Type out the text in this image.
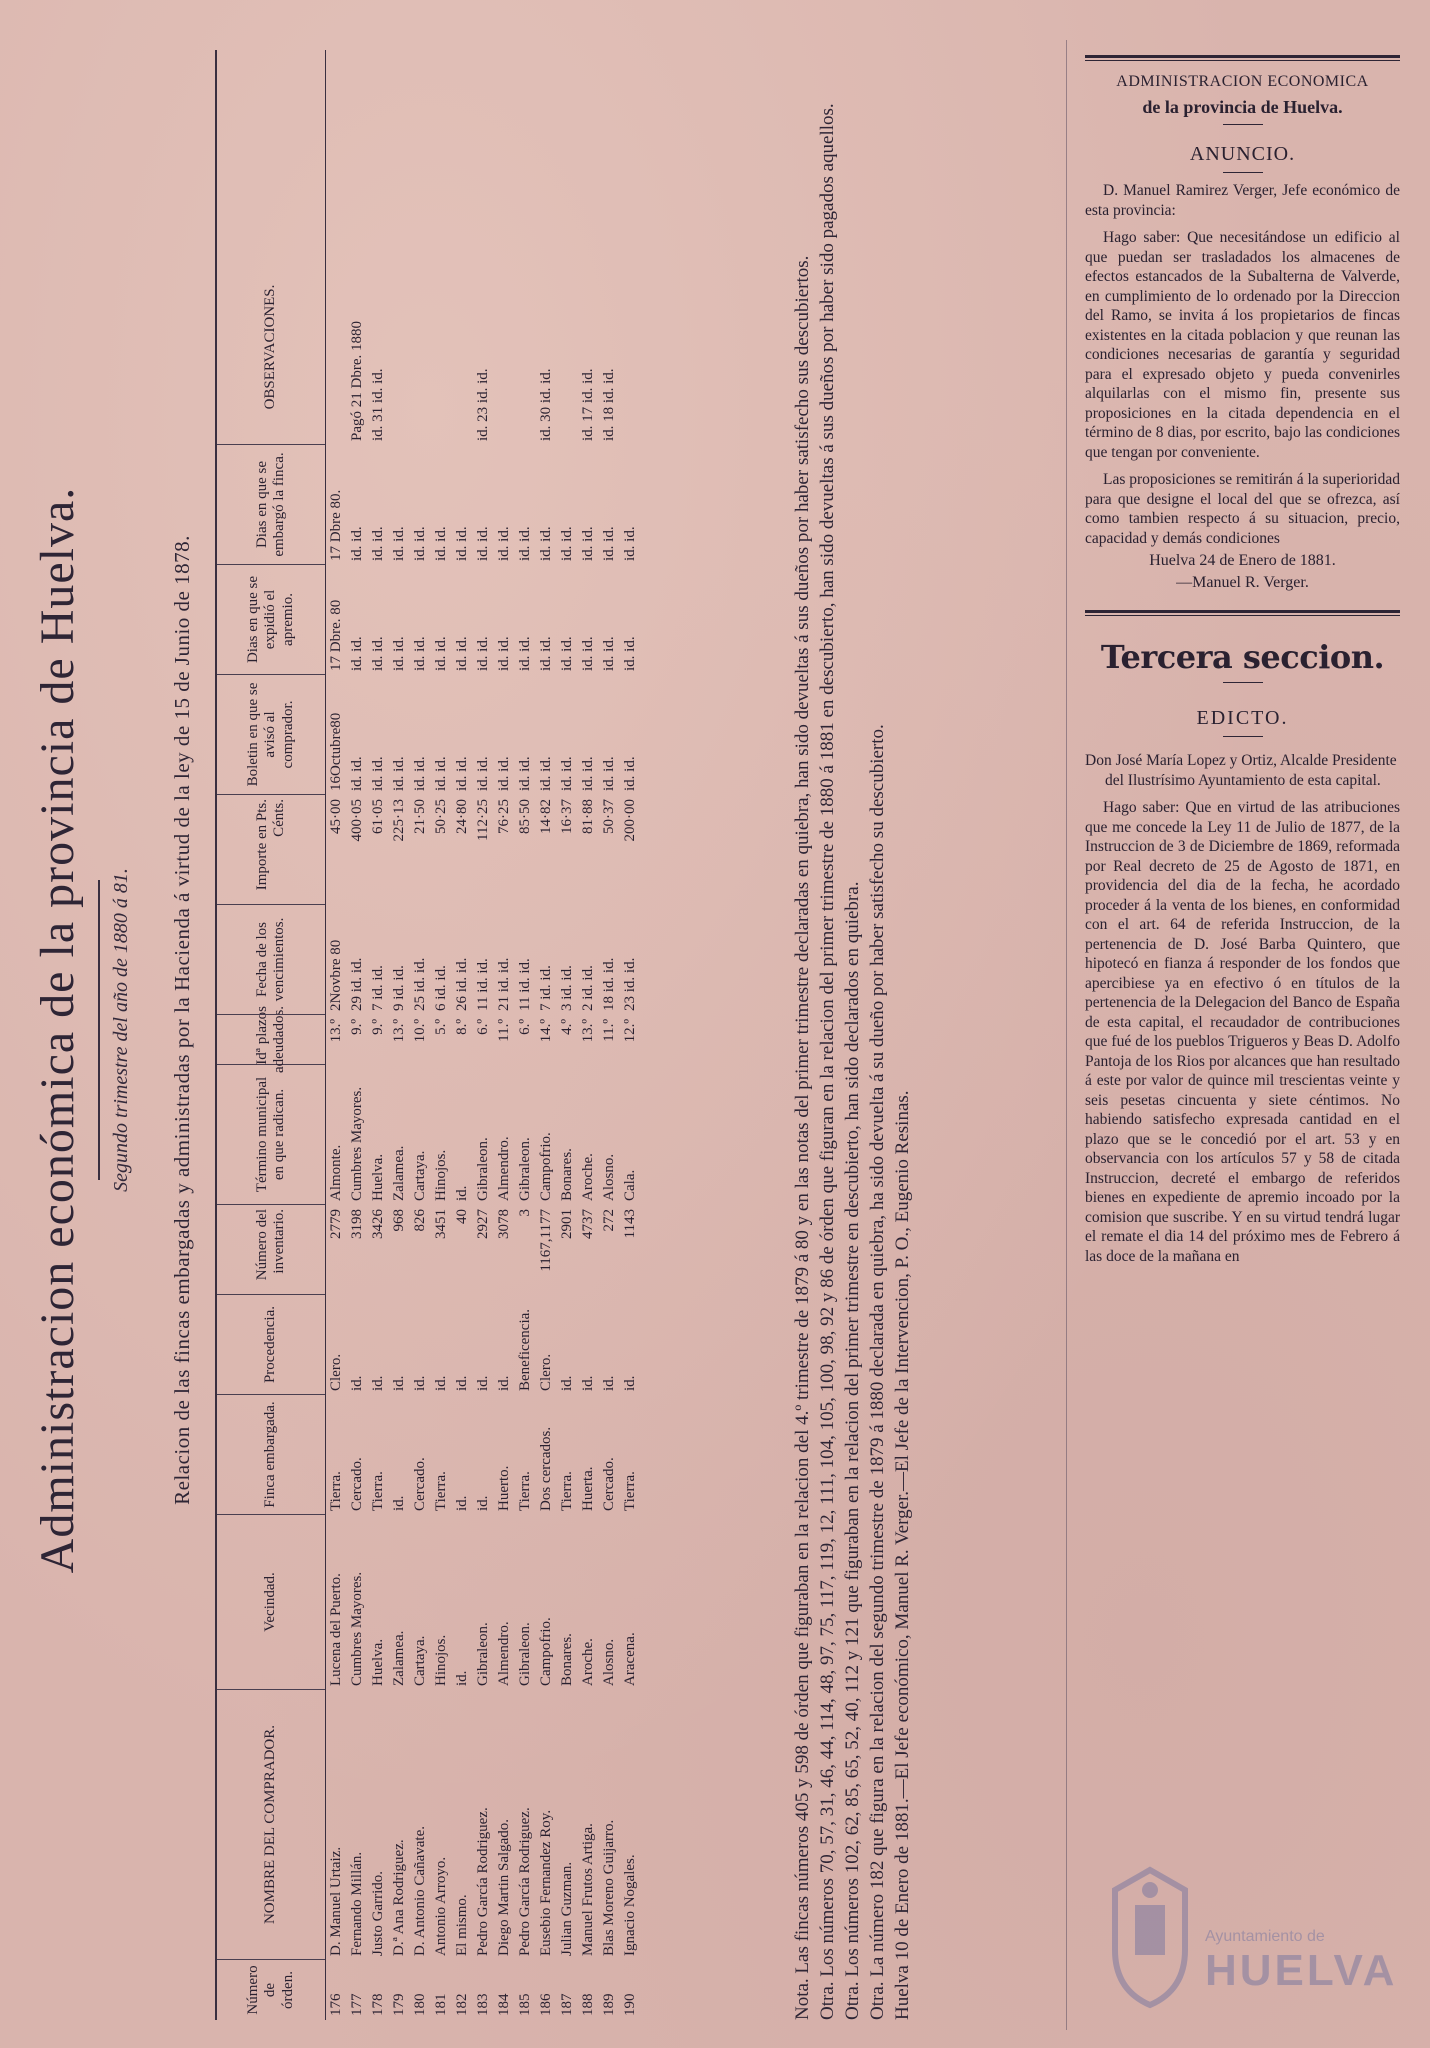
Administracion económica de la provincia de Huelva. Segundo trimestre del año de 1880 á 81. Relacion de las fincas embargadas y administradas por la Hacienda á virtud de la ley de 15 de Junio de 1878.
Número de órden.
NOMBRE DEL COMPRADOR.
Vecindad.
Finca embargada.
Procedencia.
Número del inventario.
Término municipal en que radican.
Idª plazos adeudados.
Fecha de los vencimientos.
Importe en Pts. Cénts.
Boletin en que se avisó al comprador.
Dias en que se expidió el apremio.
Dias en que se embargó la finca.
OBSERVACIONES.
176
D. Manuel Urtaiz.
Lucena del Puerto.
Tierra.
Clero.
2779
Almonte.
13.º
2Novbre 80
45·00
16Octubre80
17 Dbre. 80
17 Dbre 80.
177
Fernando Millán.
Cumbres Mayores.
Cercado.
id.
3198
Cumbres Mayores.
9.º
29 id. id.
400·05
id. id.
id. id.
id. id.
Pagó 21 Dbre. 1880
178
Justo Garrido.
Huelva.
Tierra.
id.
3426
Huelva.
9.º
7 id. id.
61·05
id. id.
id. id.
id. id.
id. 31 id. id.
179
D.ª Ana Rodriguez.
Zalamea.
id.
id.
968
Zalamea.
13.º
9 id. id.
225·13
id. id.
id. id.
id. id.
180
D. Antonio Cañavate.
Cartaya.
Cercado.
id.
826
Cartaya.
10.º
25 id. id.
21·50
id. id.
id. id.
id. id.
181
Antonio Arroyo.
Hinojos.
Tierra.
id.
3451
Hinojos.
5.º
6 id. id.
50·25
id. id.
id. id.
id. id.
182
El mismo.
id.
id.
id.
40
id.
8.º
26 id. id.
24·80
id. id.
id. id.
id. id.
183
Pedro García Rodriguez.
Gibraleon.
id.
id.
2927
Gibraleon.
6.º
11 id. id.
112·25
id. id.
id. id.
id. id.
id. 23 id. id.
184
Diego Martin Salgado.
Almendro.
Huerto.
id.
3078
Almendro.
11.º
21 id. id.
76·25
id. id.
id. id.
id. id.
185
Pedro García Rodriguez.
Gibraleon.
Tierra.
Beneficencia.
3
Gibraleon.
6.º
11 id. id.
85·50
id. id.
id. id.
id. id.
186
Eusebio Fernandez Roy.
Campofrio.
Dos cercados.
Clero.
1167,1177
Campofrio.
14.º
7 id. id.
14·82
id. id.
id. id.
id. id.
id. 30 id. id.
187
Julian Guzman.
Bonares.
Tierra.
id.
2901
Bonares.
4.º
3 id. id.
16·37
id. id.
id. id.
id. id.
188
Manuel Frutos Artiga.
Aroche.
Huerta.
id.
4737
Aroche.
13.º
2 id. id.
81·88
id. id.
id. id.
id. id.
id. 17 id. id.
189
Blas Moreno Guijarro.
Alosno.
Cercado.
id.
272
Alosno.
11.º
18 id. id.
50·37
id. id.
id. id.
id. id.
id. 18 id. id.
190
Ignacio Nogales.
Aracena.
Tierra.
id.
1143
Cala.
12.º
23 id. id.
200·00
id. id.
id. id.
id. id.	Nota. Las fincas números 405 y 598 de órden que figuraban en la relacion del 4.º trimestre de 1879 á 80 y en las notas del primer trimestre declaradas en quiebra, han sido devueltas á sus dueños por haber satisfecho sus descubiertos. Otra. Los números 70, 57, 31, 46, 44, 114, 48, 97, 75, 117, 119, 12, 111, 104, 105, 100, 98, 92 y 86 de órden que figuran en la relacion del primer trimestre de 1880 á 1881 en descubierto, han sido devueltas á sus dueños por haber sido pagados aquellos. Otra. Los números 102, 62, 85, 65, 52, 40, 112 y 121 que figuraban en la relacion del primer trimestre en descubierto, han sido declarados en quiebra. Otra. La número 182 que figura en la relacion del segundo trimestre de 1879 á 1880 declarada en quiebra, ha sido devuelta á su dueño por haber satisfecho su descubierto. Huelva 10 de Enero de 1881.—El Jefe económico, Manuel R. Verger.—El Jefe de la Intervencion, P. O., Eugenio Resinas.

ADMINISTRACION ECONOMICA
de la provincia de Huelva.
ANUNCIO.

D. Manuel Ramirez Verger, Jefe económico de esta provincia:

Hago saber: Que necesitándose un edificio al que puedan ser trasladados los almacenes de efectos estancados de la Subalterna de Valverde, en cumplimiento de lo ordenado por la Direccion del Ramo, se invita á los propietarios de fincas existentes en la citada poblacion y que reunan las condiciones necesarias de garantía y seguridad para el expresado objeto y pueda convenirles alquilarlas con el mismo fin, presente sus proposiciones en la citada dependencia en el término de 8 dias, por escrito, bajo las condiciones que tengan por conveniente.

Las proposiciones se remitirán á la superioridad para que designe el local del que se ofrezca, así como tambien respecto á su situacion, precio, capacidad y demás condiciones

Huelva 24 de Enero de 1881.
—Manuel R. Verger.
Tercera seccion.
EDICTO.
Don José María Lopez y Ortiz, Alcalde Presidente del Ilustrísimo Ayuntamiento de esta capital.

Hago saber: Que en virtud de las atribuciones que me concede la Ley 11 de Julio de 1877, de la Instruccion de 3 de Diciembre de 1869, reformada por Real decreto de 25 de Agosto de 1871, en providencia del dia de la fecha, he acordado proceder á la venta de los bienes, en conformidad con el art. 64 de referida Instruccion, de la pertenencia de D. José Barba Quintero, que hipotecó en fianza á responder de los fondos que apercibiese ya en efectivo ó en títulos de la pertenencia de la Delegacion del Banco de España de esta capital, el recaudador de contribuciones que fué de los pueblos Trigueros y Beas D. Adolfo Pantoja de los Rios por alcances que han resultado á este por valor de quince mil trescientas veinte y seis pesetas cincuenta y siete céntimos. No habiendo satisfecho expresada cantidad en el plazo que se le concedió por el art. 53 y en observancia con los artículos 57 y 58 de citada Instruccion, decreté el embargo de referidos bienes en expediente de apremio incoado por la comision que suscribe. Y en su virtud tendrá lugar el remate el dia 14 del próximo mes de Febrero á las doce de la mañana en

Ayuntamiento de
HUELVA
